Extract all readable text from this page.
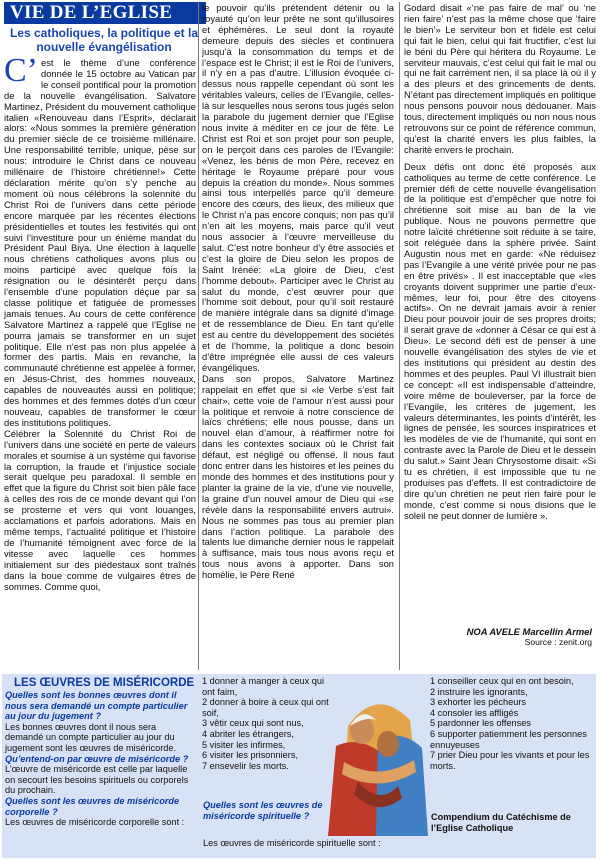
VIE DE L’EGLISE
Les catholiques, la politique et la nouvelle évangélisation

C’est le thème d’une conférence donnée le 15 octobre au Vatican par le conseil pontifical pour la promotion de la nouvelle évangélisation. Salvatore Martinez, Président du mouvement catholique italien «Renouveau dans l’Esprit», déclarait alors: «Nous sommes la première génération du premier siècle de ce troisième millénaire. Une responsabilité terrible, unique, pèse sur nous: introduire le Christ dans ce nouveau millénaire de l’histoire chrétienne!» Cette déclaration mérite qu’on s’y penche au moment où nous célébrons la solennité du Christ Roi de l’univers dans cette période encore marquée par les récentes élections présidentielles et toutes les festivités qui ont suivi l’investiture pour un énième mandat du Président Paul Biya. Une élection à laquelle nous chrétiens catholiques avons plus ou moins participé avec quelque fois la résignation ou le désintérêt perçu dans l’ensemble d’une population déçue par sa classe politique et fatiguée de promesses jamais tenues. Au cours de cette conférence Salvatore Martinez a rappelé que l’Eglise ne pourra jamais se transformer en un sujet politique. Elle n’est pas non plus appelée à former des partis. Mais en revanche, la communauté chrétienne est appelée à former, en Jésus-Christ, des hommes nouveaux, capables de nouveautés aussi en politique; des hommes et des femmes dotés d’un cœur nouveau, capables de transformer le cœur des institutions politiques.

Célébrer la Solennité du Christ Roi de l’univers dans une société en perte de valeurs morales et soumise à un système qui favorise la corruption, la fraude et l’injustice sociale serait quelque peu paradoxal. Il semble en effet que la figure du Christ soit bien pâle face à celles des rois de ce monde devant qui l’on se prosterne et vers qui vont louanges, acclamations et parfois adorations. Mais en même temps, l’actualité politique et l’histoire de l’humanité témoignent avec force de la vitesse avec laquelle ces hommes initialement sur des piédestaux sont traînés dans la boue comme de vulgaires êtres de sommes. Comme quoi,

le pouvoir qu’ils prétendent détenir ou la royauté qu’on leur prête ne sont qu’illusoires et éphémères. Le seul dont la royauté demeure depuis des siècles et continuera jusqu’à la consommation du temps et de l’espace est le Christ; il est le Roi de l’univers, il n’y en a pas d’autre. L’illusion évoquée ci-dessus nous rappelle cependant où sont les véritables valeurs, celles de l’Evangile, celles-là sur lesquelles nous serons tous jugés selon la parabole du jugement dernier que l’Eglise nous invite à méditer en ce jour de fête. Le Christ est Roi et son projet pour son peuple, on le perçoit dans ces paroles de l’Evangile: «Venez, les bénis de mon Père, recevez en héritage le Royaume préparé pour vous depuis la création du monde». Nous sommes ainsi tous interpellés parce qu’il demeure encore des cœurs, des lieux, des milieux que le Christ n’a pas encore conquis; non pas qu’il n’en ait les moyens, mais parce qu’il veut nous associer à l’œuvre merveilleuse du salut. C’est notre bonheur d’y être associés et c’est la gloire de Dieu selon les propos de Saint Irénée: «La gloire de Dieu, c’est l’homme debout». Participer avec le Christ au salut du monde, c’est œuvrer pour que l’homme soit debout, pour qu’il soit restauré de manière intégrale dans sa dignité d’image et de ressemblance de Dieu. En tant qu’elle est au centre du développement des sociétés et de l’homme, la politique a donc besoin d’être imprégnée elle aussi de ces valeurs évangéliques.

Dans son propos, Salvatore Martinez rappelait en effet que si «le Verbe s’est fait chair», cette voie de l’amour n’est aussi pour la politique et renvoie à notre conscience de laïcs chrétiens; elle nous pousse, dans un nouvel élan d’amour, à réaffirmer notre foi dans les contextes sociaux où le Christ fait défaut, est négligé ou offensé. Il nous faut donc entrer dans les histoires et les peines du monde des hommes et des institutions pour y planter la graine de la vie, d’une vie nouvelle, la graine d’un nouvel amour de Dieu qui «se révèle dans la responsabilité envers autrui». Nous ne sommes pas tous au premier plan dans l’action politique. La parabole des talents lue dimanche dernier nous le rappelait à suffisance, mais tous nous avons reçu et tous nous avons à apporter. Dans son homélie, le Père René

Godard disait «‘ne pas faire de mal’ ou ‘ne rien faire’ n’est pas la même chose que ‘faire le bien’» Le serviteur bon et fidèle est celui qui fait le bien, celui qui fait fructifier, c’est lui le béni du Père qui héritera du Royaume. Le serviteur mauvais, c’est celui qui fait le mal ou qui ne fait carrément rien, il sa place là où il y a des pleurs et des grincements de dents. N’étant pas directement impliqués en politique nous pensons pouvoir nous dédouaner. Mais tous, directement impliqués ou non nous nous retrouvons sur ce point de référence commun, qu’est la charité envers les plus faibles, la charité envers le prochain.

Deux défis ont donc été proposés aux catholiques au terme de cette conférence. Le premier défi de cette nouvelle évangélisation de la politique est d’empêcher que notre foi chrétienne soit mise au ban de la vie publique. Nous ne pouvons permettre que notre laïcité chrétienne soit réduite à se taire, soit reléguée dans la sphère privée. Saint Augustin nous met en garde: «Ne réduisez pas l’Evangile à une vérité privée pour ne pas en être privés» . Il est inacceptable que «les croyants doivent supprimer une partie d’eux-mêmes, leur foi, pour être des citoyens actifs». On ne devrait jamais avoir à renier Dieu pour pouvoir jouir de ses propres droits; il serait grave de «donner à César ce qui est à Dieu». Le second défi est de penser à une nouvelle évangélisation des styles de vie et des institutions qui président au destin des hommes et des peuples. Paul VI illustrait bien ce concept: «Il est indispensable d’atteindre, voire même de bouleverser, par la force de l’Evangile, les critères de jugement, les valeurs déterminantes, les points d’intérêt, les lignes de pensée, les sources inspiratrices et les modèles de vie de l’humanité, qui sont en contraste avec la Parole de Dieu et le dessein du salut.» Saint Jean Chrysostome disait: «Si tu es chrétien, il est impossible que tu ne produises pas d’effets. Il est contradictoire de dire qu’un chrétien ne peut rien faire pour le monde, c’est comme si nous disions que le soleil ne peut donner de lumière ».

NOA AVELE Marcellin Armel
Source : zenit.org
LES ŒUVRES DE MISÉRICORDE
Quelles sont les bonnes œuvres dont il nous sera demandé un compte particulier au jour du jugement ?
Les bonnes œuvres dont il nous sera demandé un compte particulier au jour du jugement sont les œuvres de miséricorde.
Qu’entend-on par œuvre de miséricorde ?
L’œuvre de miséricorde est celle par laquelle on secourt les besoins spirituels ou corporels du prochain.
Quelles sont les œuvres de miséricorde corporelle ?
Les œuvres de miséricorde corporelle sont :
1 donner à manger à ceux qui ont faim,
2 donner à boire à ceux qui ont soif,
3 vêtir ceux qui sont nus,
4 abriter les étrangers,
5 visiter les infirmes,
6 visiter les prisonniers,
7 ensevelir les morts.
1 conseiller ceux qui en ont besoin,
2 instruire les ignorants,
3 exhorter les pécheurs
4 consoler les affligés
5 pardonner les offenses
6 supporter patiemment les personnes ennuyeuses
7 prier Dieu pour les vivants et pour les morts.
Quelles sont les œuvres de miséricorde spirituelle ?
Les œuvres de miséricorde spirituelle sont :
Compendium du Catéchisme de l’Eglise Catholique
